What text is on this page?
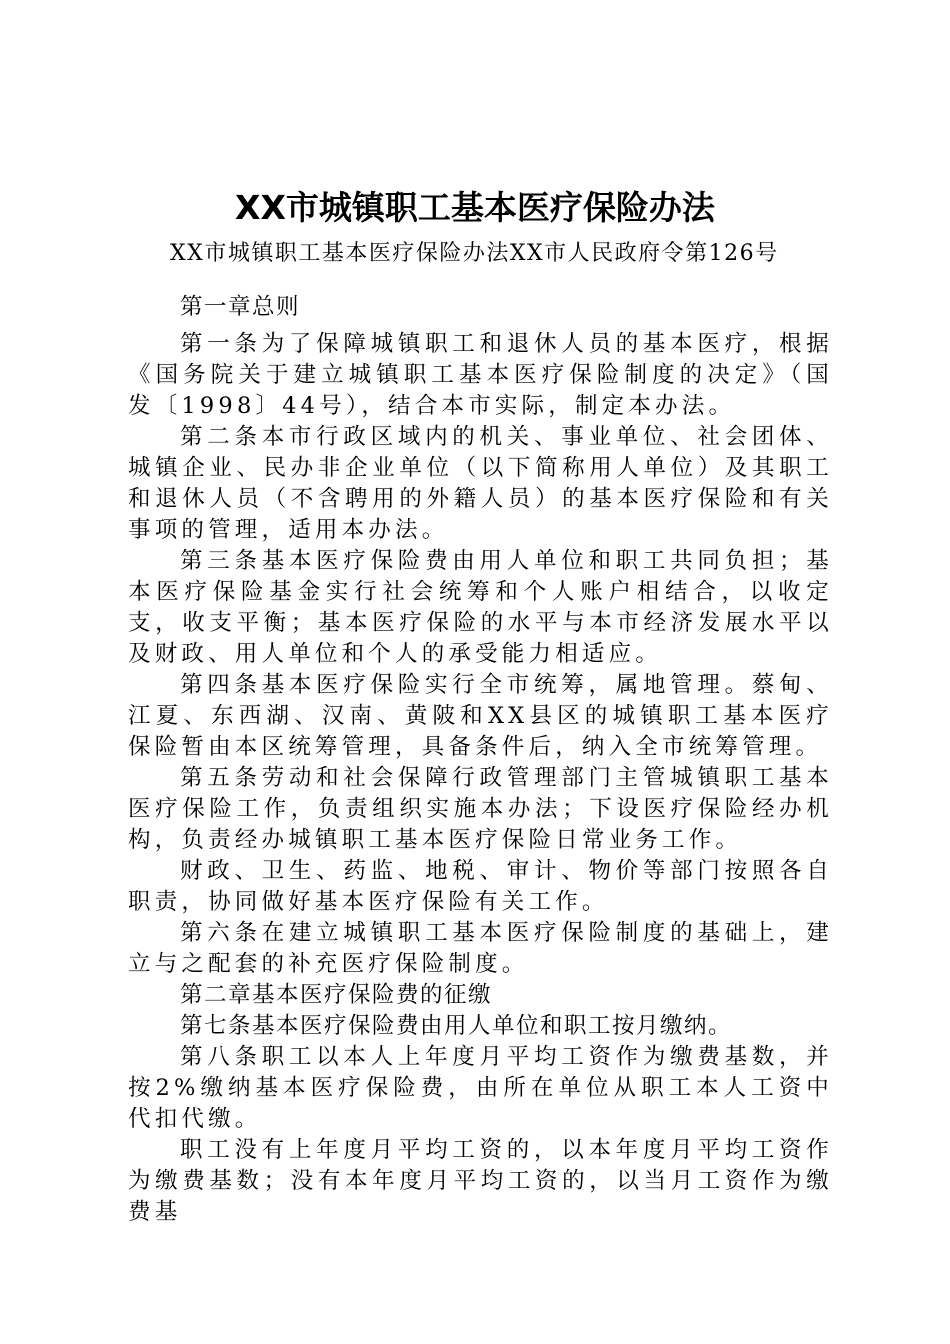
XX市城镇职工基本医疗保险办法

XX市城镇职工基本医疗保险办法XX市人民政府令第126号

第一章总则

第一条为了保障城镇职工和退休人员的基本医疗，根据《国务院关于建立城镇职工基本医疗保险制度的决定》（国发〔1998〕44号），结合本市实际，制定本办法。

第二条本市行政区域内的机关、事业单位、社会团体、城镇企业、民办非企业单位（以下简称用人单位）及其职工和退休人员（不含聘用的外籍人员）的基本医疗保险和有关事项的管理，适用本办法。

第三条基本医疗保险费由用人单位和职工共同负担；基本医疗保险基金实行社会统筹和个人账户相结合，以收定支，收支平衡；基本医疗保险的水平与本市经济发展水平以及财政、用人单位和个人的承受能力相适应。

第四条基本医疗保险实行全市统筹，属地管理。蔡甸、江夏、东西湖、汉南、黄陂和XX县区的城镇职工基本医疗保险暂由本区统筹管理，具备条件后，纳入全市统筹管理。

第五条劳动和社会保障行政管理部门主管城镇职工基本医疗保险工作，负责组织实施本办法；下设医疗保险经办机构，负责经办城镇职工基本医疗保险日常业务工作。

财政、卫生、药监、地税、审计、物价等部门按照各自职责，协同做好基本医疗保险有关工作。

第六条在建立城镇职工基本医疗保险制度的基础上，建立与之配套的补充医疗保险制度。

第二章基本医疗保险费的征缴

第七条基本医疗保险费由用人单位和职工按月缴纳。

第八条职工以本人上年度月平均工资作为缴费基数，并按2%缴纳基本医疗保险费，由所在单位从职工本人工资中代扣代缴。

职工没有上年度月平均工资的，以本年度月平均工资作为缴费基数；没有本年度月平均工资的，以当月工资作为缴费基
